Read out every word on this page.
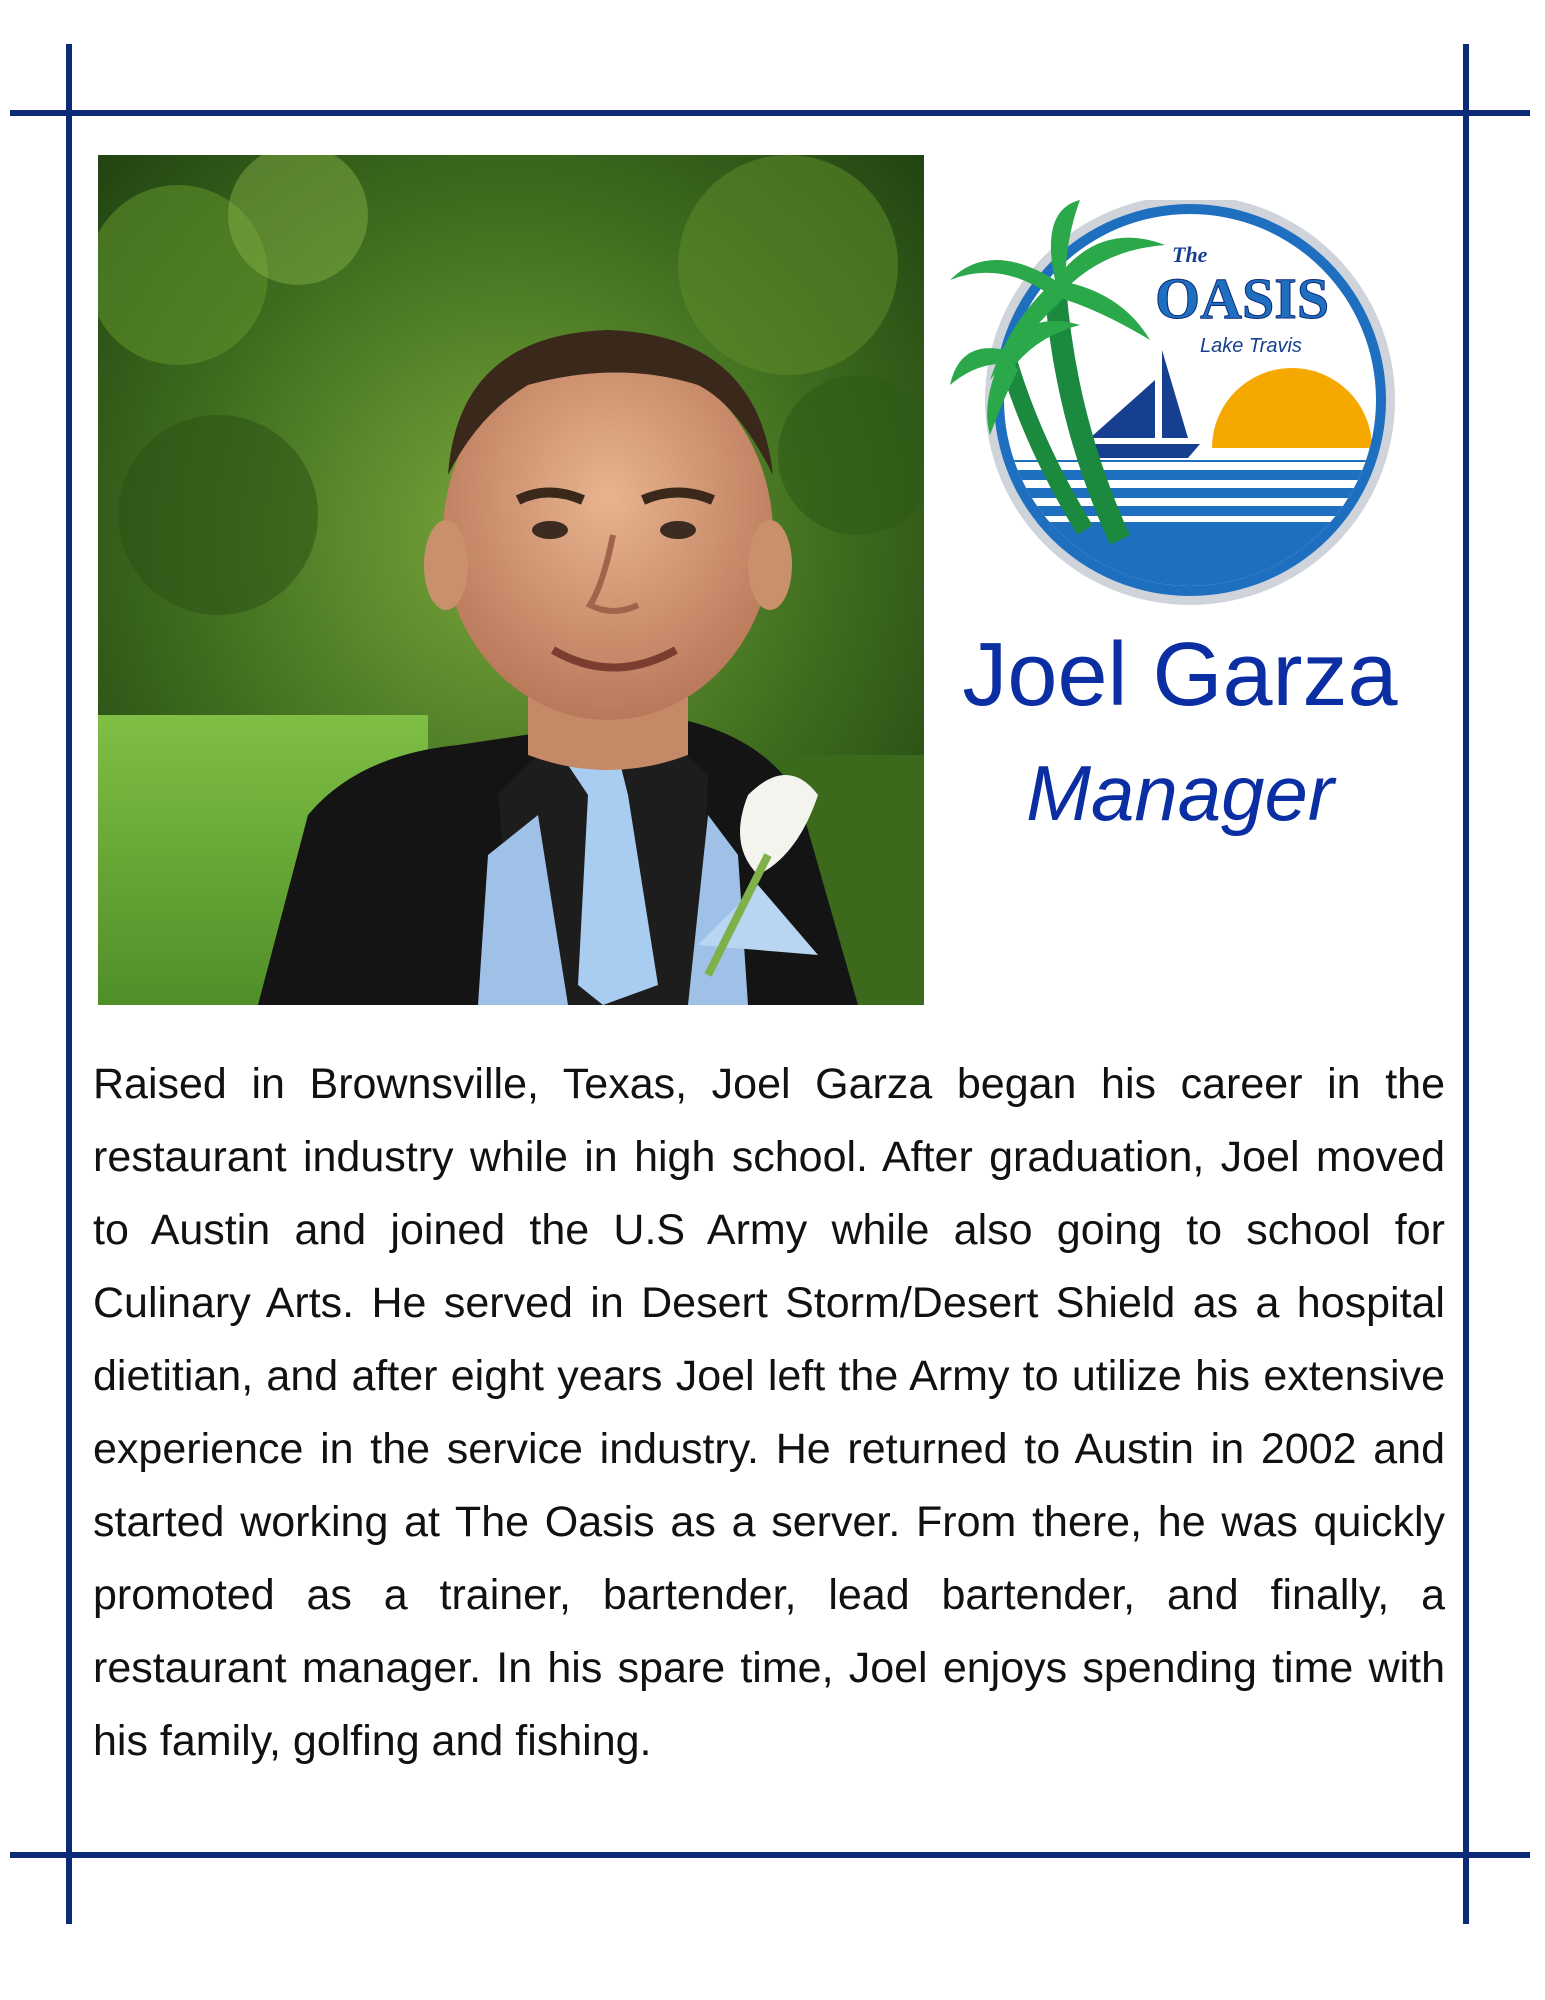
The
OASIS
Lake Travis
Joel Garza
Manager

Raised in Brownsville, Texas, Joel Garza began his career in the restaurant industry while in high school. After graduation, Joel moved to Austin and joined the U.S Army while also going to school for Culinary Arts. He served in Desert Storm/Desert Shield as a hospital dietitian, and after eight years Joel left the Army to utilize his extensive experience in the service industry. He returned to Austin in 2002 and started working at The Oasis as a server. From there, he was quickly promoted as a trainer, bartender, lead bartender, and finally, a restaurant manager. In his spare time, Joel enjoys spending time with his family, golfing and fishing.
